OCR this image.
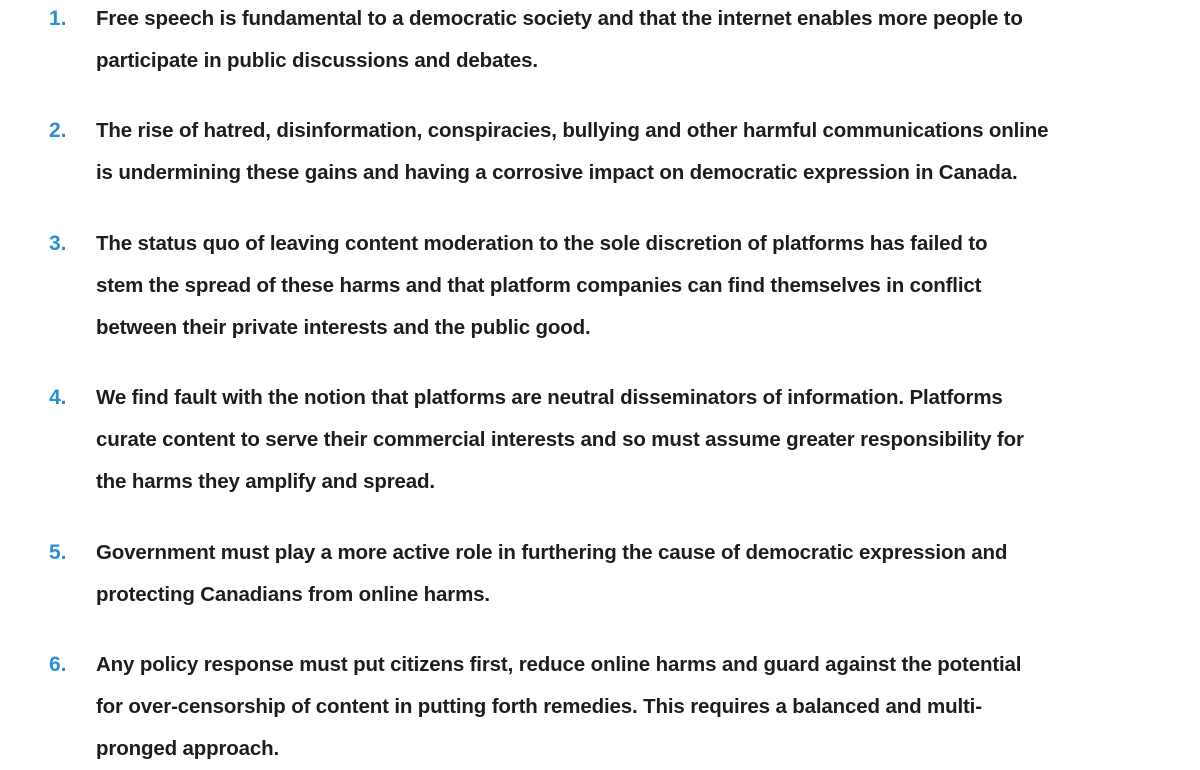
1. Free speech is fundamental to a democratic society and that the internet enables more people to
participate in public discussions and debates.
2. The rise of hatred, disinformation, conspiracies, bullying and other harmful communications online
is undermining these gains and having a corrosive impact on democratic expression in Canada.
3. The status quo of leaving content moderation to the sole discretion of platforms has failed to
stem the spread of these harms and that platform companies can find themselves in conflict
between their private interests and the public good.
4. We find fault with the notion that platforms are neutral disseminators of information. Platforms
curate content to serve their commercial interests and so must assume greater responsibility for
the harms they amplify and spread.
5. Government must play a more active role in furthering the cause of democratic expression and
protecting Canadians from online harms.
6. Any policy response must put citizens first, reduce online harms and guard against the potential
for over-censorship of content in putting forth remedies. This requires a balanced and multi-
pronged approach.
